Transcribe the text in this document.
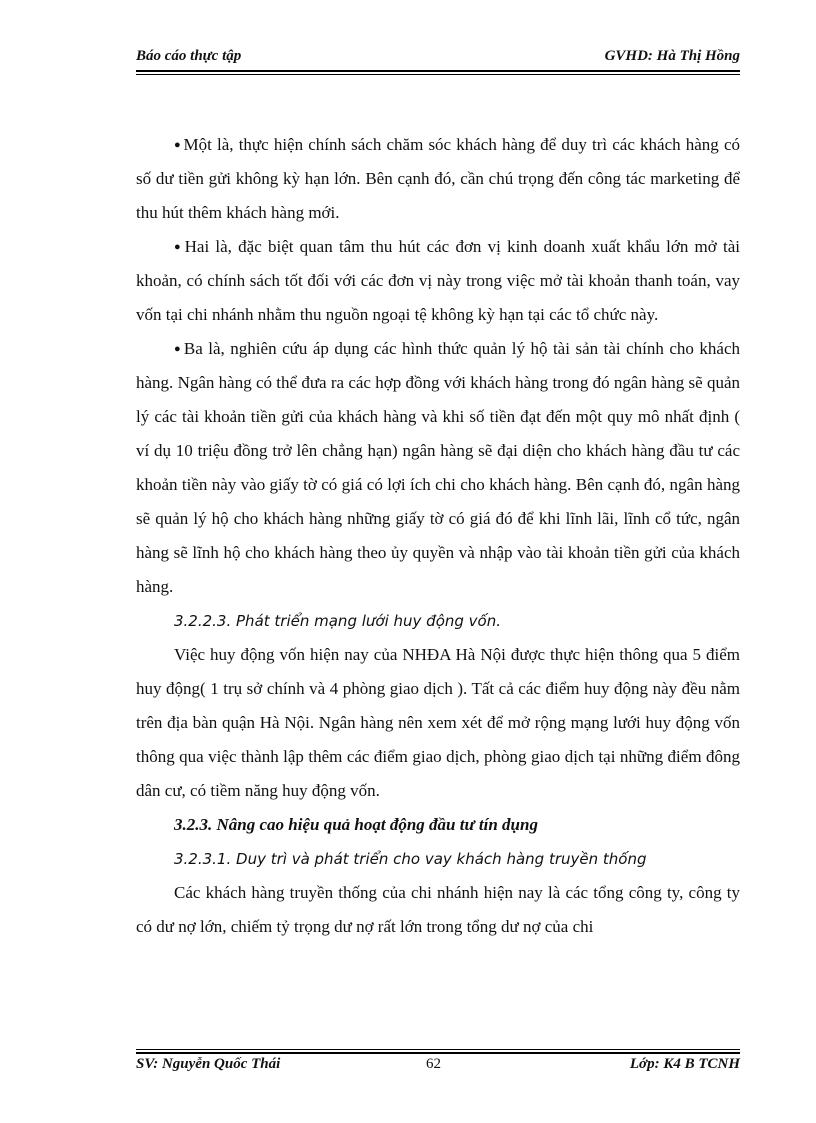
Báo cáo thực tập	GVHD: Hà Thị Hồng

● Một là, thực hiện chính sách chăm sóc khách hàng để duy trì các khách hàng có số dư tiền gửi không kỳ hạn lớn. Bên cạnh đó, cần chú trọng đến công tác marketing để thu hút thêm khách hàng mới.

● Hai là, đặc biệt quan tâm thu hút các đơn vị kinh doanh xuất khẩu lớn mở tài khoản, có chính sách tốt đối với các đơn vị này trong việc mở tài khoản thanh toán, vay vốn tại chi nhánh nhằm thu nguồn ngoại tệ không kỳ hạn tại các tổ chức này.

● Ba là, nghiên cứu áp dụng các hình thức quản lý hộ tài sản tài chính cho khách hàng. Ngân hàng có thể đưa ra các hợp đồng với khách hàng trong đó ngân hàng sẽ quản lý các tài khoản tiền gửi của khách hàng và khi số tiền đạt đến một quy mô nhất định ( ví dụ 10 triệu đồng trở lên chẳng hạn) ngân hàng sẽ đại diện cho khách hàng đầu tư các khoản tiền này vào giấy tờ có giá có lợi ích chi cho khách hàng. Bên cạnh đó, ngân hàng sẽ quản lý hộ cho khách hàng những giấy tờ có giá đó để khi lĩnh lãi, lĩnh cổ tức, ngân hàng sẽ lĩnh hộ cho khách hàng theo ủy quyền và nhập vào tài khoản tiền gửi của khách hàng.

3.2.2.3. Phát triển mạng lưới huy động vốn.

Việc huy động vốn hiện nay của NHĐA Hà Nội được thực hiện thông qua 5 điểm huy động( 1 trụ sở chính và 4 phòng giao dịch ). Tất cả các điểm huy động này đều nằm trên địa bàn quận Hà Nội. Ngân hàng nên xem xét để mở rộng mạng lưới huy động vốn thông qua việc thành lập thêm các điểm giao dịch, phòng giao dịch tại những điểm đông dân cư, có tiềm năng huy động vốn.

3.2.3. Nâng cao hiệu quả hoạt động đầu tư tín dụng

3.2.3.1. Duy trì và phát triển cho vay khách hàng truyền thống

Các khách hàng truyền thống của chi nhánh hiện nay là các tổng công ty, công ty có dư nợ lớn, chiếm tỷ trọng dư nợ rất lớn trong tổng dư nợ của chi

SV: Nguyễn Quốc Thái	62	Lớp: K4 B TCNH
